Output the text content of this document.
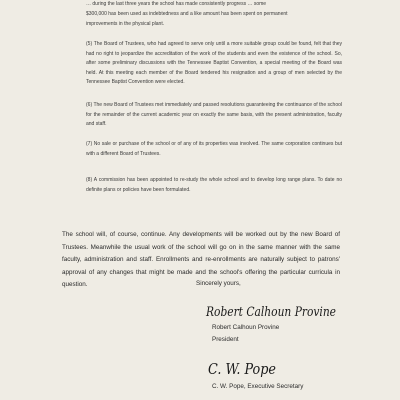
… during the last three years the school has made consistently progress … some

$300,000 has been used as indebtedness and a like amount has been spent on permanent

improvements in the physical plant.

(5) The Board of Trustees, who had agreed to serve only until a more suitable group could be found, felt that they had no right to jeopardize the accreditation of the work of the students and even the existence of the school. So, after some preliminary discussions with the Tennessee Baptist Convention, a special meeting of the Board was held. At this meeting each member of the Board tendered his resignation and a group of men selected by the Tennessee Baptist Convention were elected.

(6) The new Board of Trustees met immediately and passed resolutions guaranteeing the continuance of the school for the remainder of the current academic year on exactly the same basis, with the present administration, faculty and staff.

(7) No sale or purchase of the school or of any of its properties was involved. The same corporation continues but with a different Board of Trustees.

(8) A commission has been appointed to re-study the whole school and to develop long range plans. To date no definite plans or policies have been formulated.

The school will, of course, continue. Any developments will be worked out by the new Board of Trustees. Meanwhile the usual work of the school will go on in the same manner with the same faculty, administration and staff. Enrollments and re-enrollments are naturally subject to patrons' approval of any changes that might be made and the school's offering the particular curricula in question.	Sincerely yours,

Robert Calhoun Provine

Robert Calhoun Provine

President

C. W. Pope

C. W. Pope, Executive Secretary
